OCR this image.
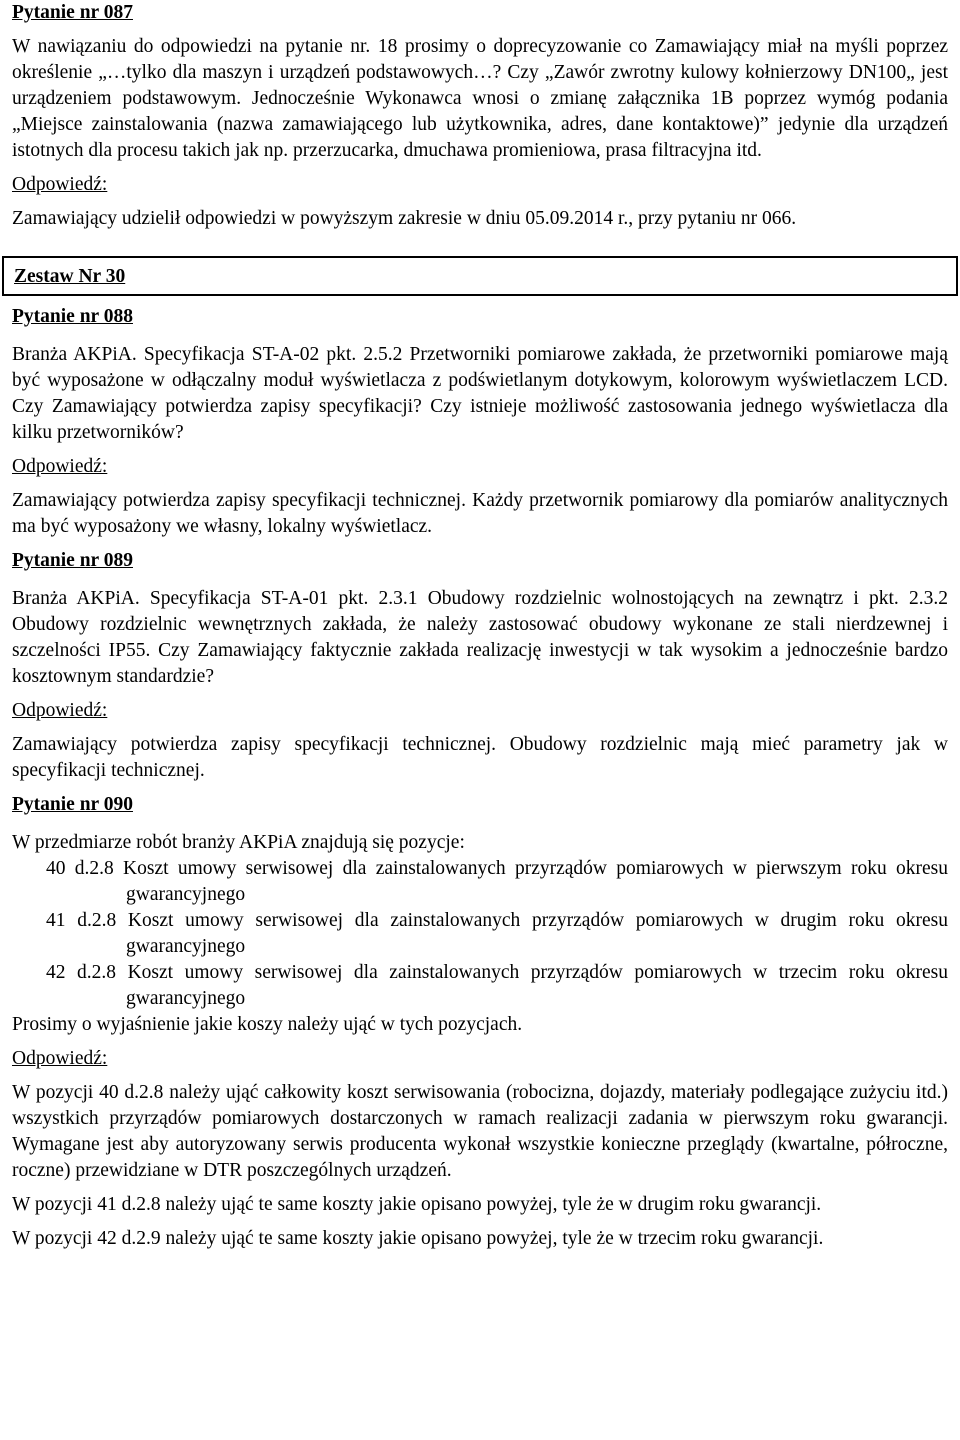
Pytanie nr 087

W nawiązaniu do odpowiedzi na pytanie nr. 18 prosimy o doprecyzowanie co Zamawiający miał na myśli poprzez określenie „…tylko dla maszyn i urządzeń podstawowych…? Czy „Zawór zwrotny kulowy kołnierzowy DN100„ jest urządzeniem podstawowym. Jednocześnie Wykonawca wnosi o zmianę załącznika 1B poprzez wymóg podania „Miejsce zainstalowania (nazwa zamawiającego lub użytkownika, adres, dane kontaktowe)” jedynie dla urządzeń istotnych dla procesu takich jak np. przerzucarka, dmuchawa promieniowa, prasa filtracyjna itd.

Odpowiedź:

Zamawiający udzielił odpowiedzi w powyższym zakresie w dniu 05.09.2014 r., przy pytaniu nr 066.

Zestaw Nr 30

Pytanie nr 088

Branża AKPiA. Specyfikacja ST-A-02 pkt. 2.5.2 Przetworniki pomiarowe zakłada, że przetworniki pomiarowe mają być wyposażone w odłączalny moduł wyświetlacza z podświetlanym dotykowym, kolorowym wyświetlaczem LCD. Czy Zamawiający potwierdza zapisy specyfikacji? Czy istnieje możliwość zastosowania jednego wyświetlacza dla kilku przetworników?

Odpowiedź:

Zamawiający potwierdza zapisy specyfikacji technicznej. Każdy przetwornik pomiarowy dla pomiarów analitycznych ma być wyposażony we własny, lokalny wyświetlacz.

Pytanie nr 089

Branża AKPiA. Specyfikacja ST-A-01 pkt. 2.3.1 Obudowy rozdzielnic wolnostojących na zewnątrz i pkt. 2.3.2 Obudowy rozdzielnic wewnętrznych zakłada, że należy zastosować obudowy wykonane ze stali nierdzewnej i szczelności IP55. Czy Zamawiający faktycznie zakłada realizację inwestycji w tak wysokim a jednocześnie bardzo kosztownym standardzie?

Odpowiedź:

Zamawiający potwierdza zapisy specyfikacji technicznej. Obudowy rozdzielnic mają mieć parametry jak w specyfikacji technicznej.

Pytanie nr 090

W przedmiarze robót branży AKPiA znajdują się pozycje:

40 d.2.8 Koszt umowy serwisowej dla zainstalowanych przyrządów pomiarowych w pierwszym roku okresu gwarancyjnego
41 d.2.8 Koszt umowy serwisowej dla zainstalowanych przyrządów pomiarowych w drugim roku okresu gwarancyjnego
42 d.2.8 Koszt umowy serwisowej dla zainstalowanych przyrządów pomiarowych w trzecim roku okresu gwarancyjnego

Prosimy o wyjaśnienie jakie koszy należy ująć w tych pozycjach.

Odpowiedź:

W pozycji 40 d.2.8 należy ująć całkowity koszt serwisowania (robocizna, dojazdy, materiały podlegające zużyciu itd.) wszystkich przyrządów pomiarowych dostarczonych w ramach realizacji zadania w pierwszym roku gwarancji. Wymagane jest aby autoryzowany serwis producenta wykonał wszystkie konieczne przeglądy (kwartalne, półroczne, roczne) przewidziane w DTR poszczególnych urządzeń.

W pozycji 41 d.2.8 należy ująć te same koszty jakie opisano powyżej, tyle że w drugim roku gwarancji.

W pozycji 42 d.2.9 należy ująć te same koszty jakie opisano powyżej, tyle że w trzecim roku gwarancji.
